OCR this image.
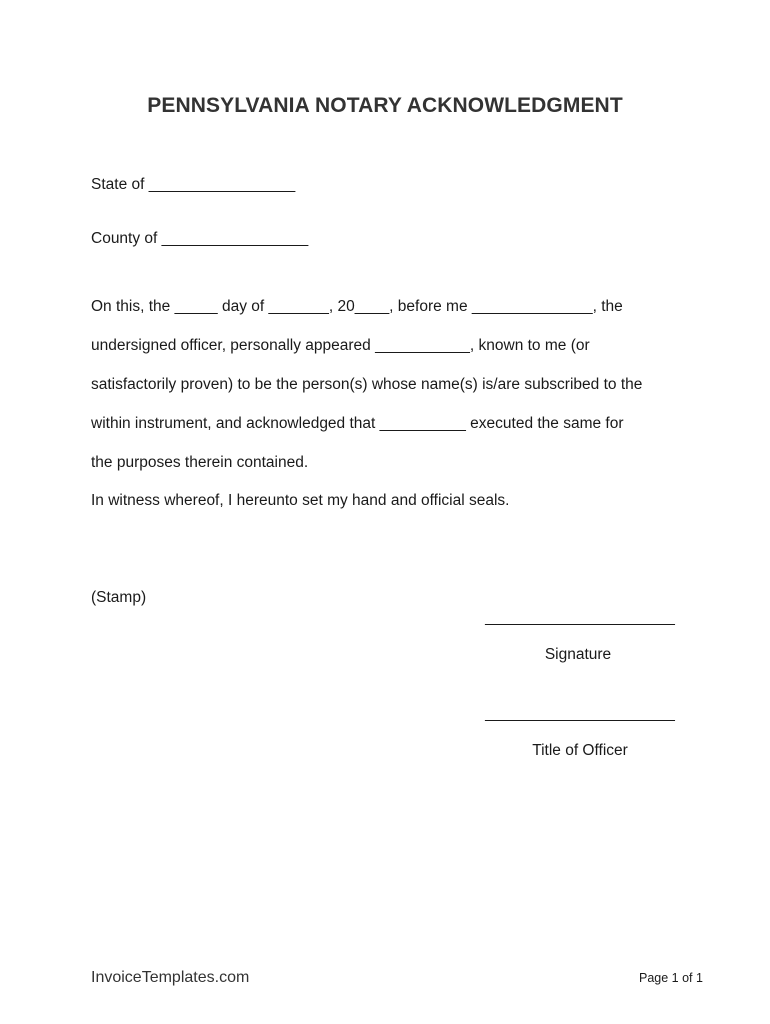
PENNSYLVANIA NOTARY ACKNOWLEDGMENT
State of _________________
County of _________________
On this, the _____ day of _______, 20____, before me ______________, the
undersigned officer, personally appeared ___________, known to me (or
satisfactorily proven) to be the person(s) whose name(s) is/are subscribed to the
within instrument, and acknowledged that __________ executed the same for
the purposes therein contained.
In witness whereof, I hereunto set my hand and official seals.
(Stamp)
______________________
Signature
______________________
Title of Officer
InvoiceTemplates.com	Page 1 of 1
